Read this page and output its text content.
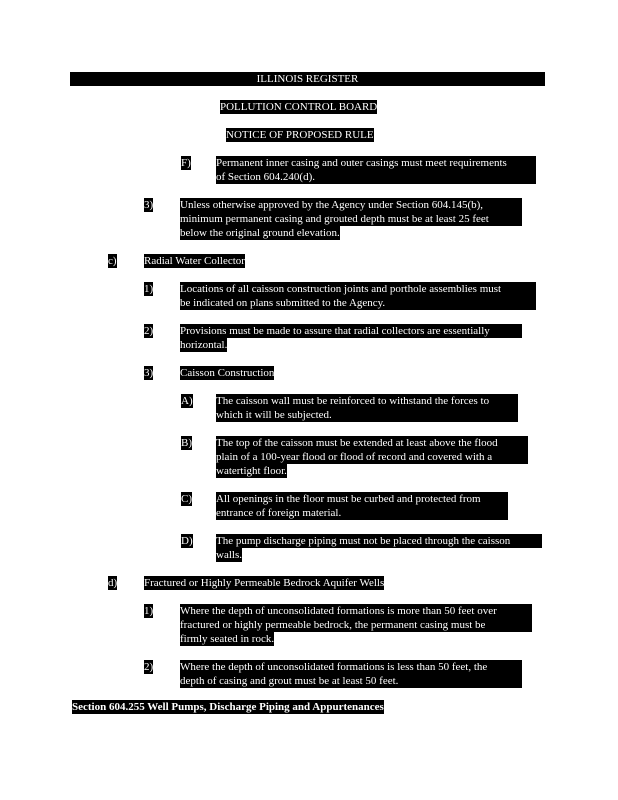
ILLINOIS REGISTER
POLLUTION CONTROL BOARD
NOTICE OF PROPOSED RULE
F) Permanent inner casing and outer casings must meet requirements
of Section 604.240(d).
3) Unless otherwise approved by the Agency under Section 604.145(b),
minimum permanent casing and grouted depth must be at least 25 feet
below the original ground elevation.
c) Radial Water Collector
1) Locations of all caisson construction joints and porthole assemblies must
be indicated on plans submitted to the Agency.
2) Provisions must be made to assure that radial collectors are essentially
horizontal.
3) Caisson Construction
A) The caisson wall must be reinforced to withstand the forces to
which it will be subjected.
B) The top of the caisson must be extended at least above the flood
plain of a 100-year flood or flood of record and covered with a
watertight floor.
C) All openings in the floor must be curbed and protected from
entrance of foreign material.
D) The pump discharge piping must not be placed through the caisson
walls.
d) Fractured or Highly Permeable Bedrock Aquifer Wells
1) Where the depth of unconsolidated formations is more than 50 feet over
fractured or highly permeable bedrock, the permanent casing must be
firmly seated in rock.
2) Where the depth of unconsolidated formations is less than 50 feet, the
depth of casing and grout must be at least 50 feet.
Section 604.255 Well Pumps, Discharge Piping and Appurtenances
